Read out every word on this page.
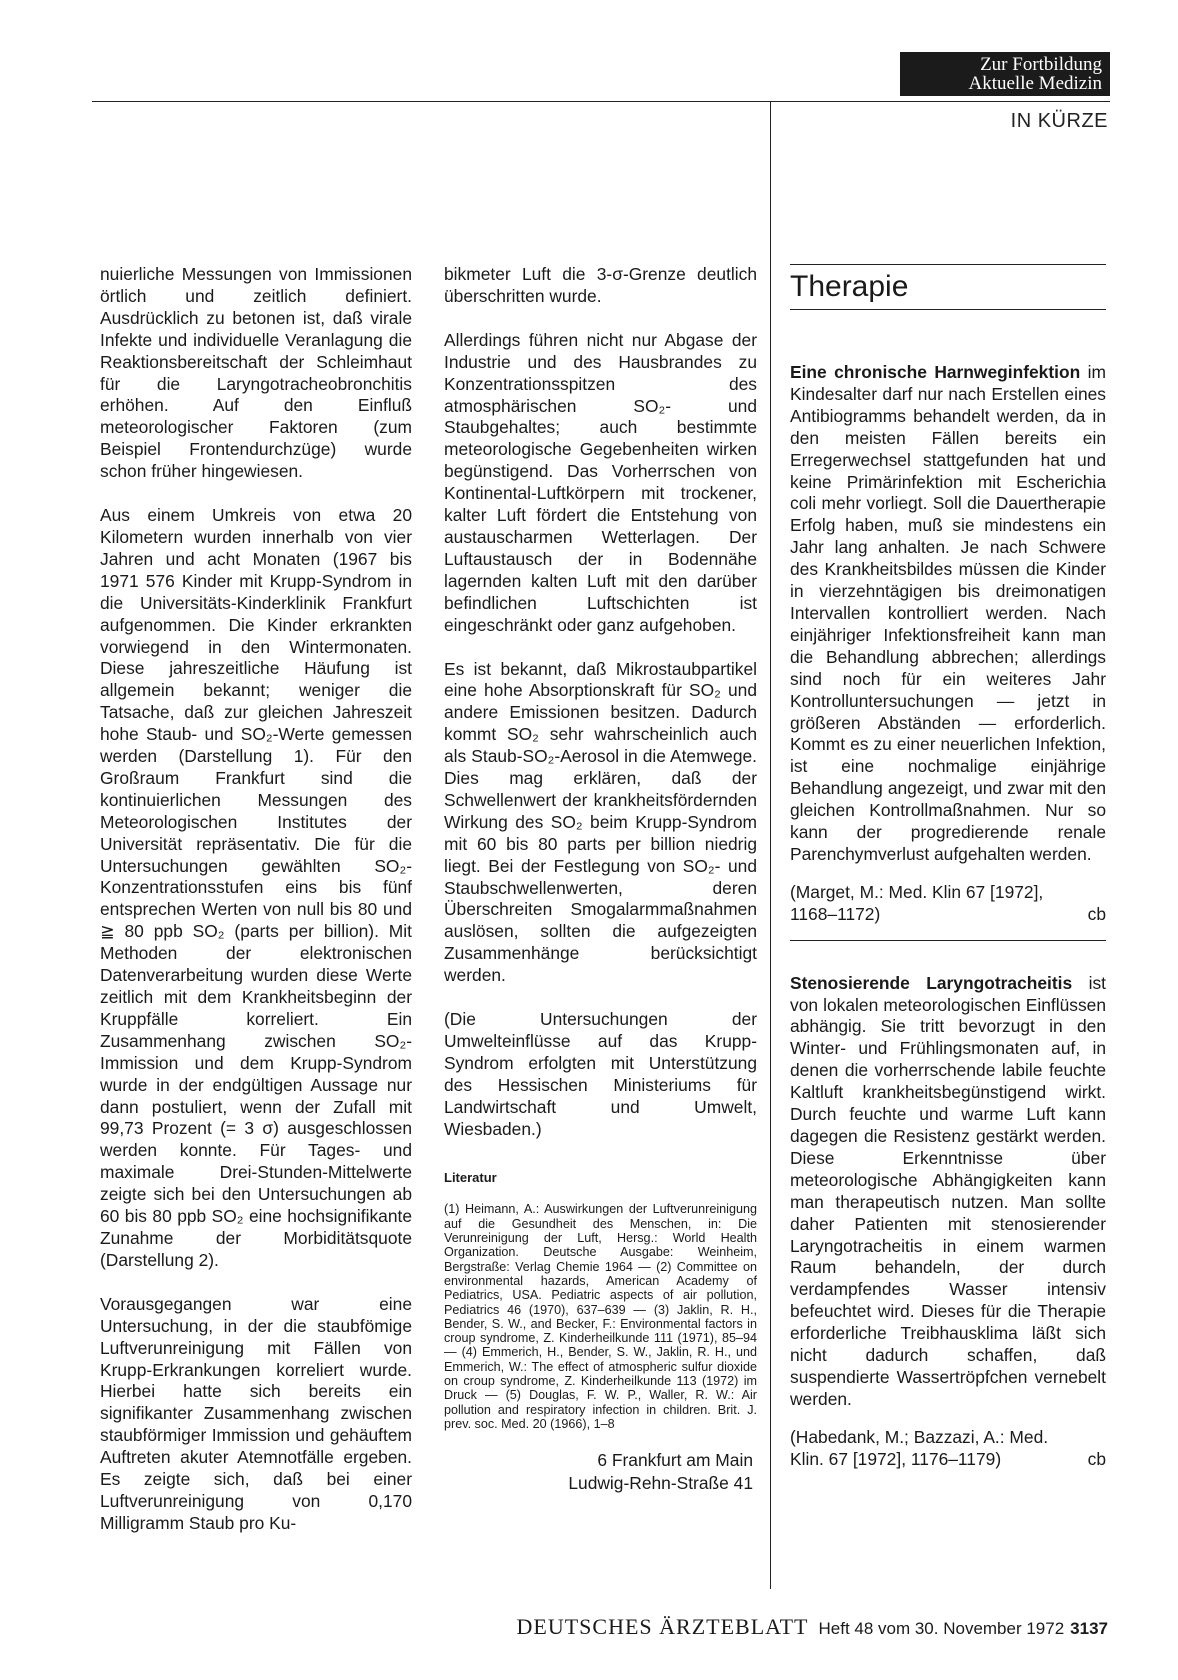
Zur Fortbildung
Aktuelle Medizin
IN KÜRZE

nuierliche Messungen von Immissionen örtlich und zeitlich definiert. Ausdrücklich zu betonen ist, daß virale Infekte und individuelle Veranlagung die Reaktionsbereitschaft der Schleimhaut für die Laryngotracheobronchitis erhöhen. Auf den Einfluß meteorologischer Faktoren (zum Beispiel Frontendurchzüge) wurde schon früher hingewiesen.

Aus einem Umkreis von etwa 20 Kilometern wurden innerhalb von vier Jahren und acht Monaten (1967 bis 1971 576 Kinder mit Krupp-Syndrom in die Universitäts-Kinderklinik Frankfurt aufgenommen. Die Kinder erkrankten vorwiegend in den Wintermonaten. Diese jahreszeitliche Häufung ist allgemein bekannt; weniger die Tatsache, daß zur gleichen Jahreszeit hohe Staub- und SO₂-Werte gemessen werden (Darstellung 1). Für den Großraum Frankfurt sind die kontinuierlichen Messungen des Meteorologischen Institutes der Universität repräsentativ. Die für die Untersuchungen gewählten SO₂-Konzentrationsstufen eins bis fünf entsprechen Werten von null bis 80 und ≧ 80 ppb SO₂ (parts per billion). Mit Methoden der elektronischen Datenverarbeitung wurden diese Werte zeitlich mit dem Krankheitsbeginn der Kruppfälle korreliert. Ein Zusammenhang zwischen SO₂-Immission und dem Krupp-Syndrom wurde in der endgültigen Aussage nur dann postuliert, wenn der Zufall mit 99,73 Prozent (= 3 σ) ausgeschlossen werden konnte. Für Tages- und maximale Drei-Stunden-Mittelwerte zeigte sich bei den Untersuchungen ab 60 bis 80 ppb SO₂ eine hochsignifikante Zunahme der Morbiditätsquote (Darstellung 2).

Vorausgegangen war eine Untersuchung, in der die staubfömige Luftverunreinigung mit Fällen von Krupp-Erkrankungen korreliert wurde. Hierbei hatte sich bereits ein signifikanter Zusammenhang zwischen staubförmiger Immission und gehäuftem Auftreten akuter Atemnotfälle ergeben. Es zeigte sich, daß bei einer Luftverunreinigung von 0,170 Milligramm Staub pro Ku-

bikmeter Luft die 3-σ-Grenze deutlich überschritten wurde.

Allerdings führen nicht nur Abgase der Industrie und des Hausbrandes zu Konzentrationsspitzen des atmosphärischen SO₂- und Staubgehaltes; auch bestimmte meteorologische Gegebenheiten wirken begünstigend. Das Vorherrschen von Kontinental-Luftkörpern mit trockener, kalter Luft fördert die Entstehung von austauscharmen Wetterlagen. Der Luftaustausch der in Bodennähe lagernden kalten Luft mit den darüber befindlichen Luftschichten ist eingeschränkt oder ganz aufgehoben.

Es ist bekannt, daß Mikrostaubpartikel eine hohe Absorptionskraft für SO₂ und andere Emissionen besitzen. Dadurch kommt SO₂ sehr wahrscheinlich auch als Staub-SO₂-Aerosol in die Atemwege. Dies mag erklären, daß der Schwellenwert der krankheitsfördernden Wirkung des SO₂ beim Krupp-Syndrom mit 60 bis 80 parts per billion niedrig liegt. Bei der Festlegung von SO₂- und Staubschwellenwerten, deren Überschreiten Smogalarmmaßnahmen auslösen, sollten die aufgezeigten Zusammenhänge berücksichtigt werden.

(Die Untersuchungen der Umwelteinflüsse auf das Krupp-Syndrom erfolgten mit Unterstützung des Hessischen Ministeriums für Landwirtschaft und Umwelt, Wiesbaden.)

Literatur
(1) Heimann, A.: Auswirkungen der Luftverunreinigung auf die Gesundheit des Menschen, in: Die Verunreinigung der Luft, Hersg.: World Health Organization. Deutsche Ausgabe: Weinheim, Bergstraße: Verlag Chemie 1964 — (2) Committee on environmental hazards, American Academy of Pediatrics, USA. Pediatric aspects of air pollution, Pediatrics 46 (1970), 637–639 — (3) Jaklin, R. H., Bender, S. W., and Becker, F.: Environmental factors in croup syndrome, Z. Kinderheilkunde 111 (1971), 85–94 — (4) Emmerich, H., Bender, S. W., Jaklin, R. H., und Emmerich, W.: The effect of atmospheric sulfur dioxide on croup syndrome, Z. Kinderheilkunde 113 (1972) im Druck — (5) Douglas, F. W. P., Waller, R. W.: Air pollution and respiratory infection in children. Brit. J. prev. soc. Med. 20 (1966), 1–8
6 Frankfurt am Main
Ludwig-Rehn-Straße 41
Therapie

Eine chronische Harnweginfektion im Kindesalter darf nur nach Erstellen eines Antibiogramms behandelt werden, da in den meisten Fällen bereits ein Erregerwechsel stattgefunden hat und keine Primärinfektion mit Escherichia coli mehr vorliegt. Soll die Dauertherapie Erfolg haben, muß sie mindestens ein Jahr lang anhalten. Je nach Schwere des Krankheitsbildes müssen die Kinder in vierzehntägigen bis dreimonatigen Intervallen kontrolliert werden. Nach einjähriger Infektionsfreiheit kann man die Behandlung abbrechen; allerdings sind noch für ein weiteres Jahr Kontrolluntersuchungen — jetzt in größeren Abständen — erforderlich. Kommt es zu einer neuerlichen Infektion, ist eine nochmalige einjährige Behandlung angezeigt, und zwar mit den gleichen Kontrollmaßnahmen. Nur so kann der progredierende renale Parenchymverlust aufgehalten werden.

(Marget, M.: Med. Klin 67 [1972],
1168–1172)	cb

Stenosierende Laryngotracheitis ist von lokalen meteorologischen Einflüssen abhängig. Sie tritt bevorzugt in den Winter- und Frühlingsmonaten auf, in denen die vorherrschende labile feuchte Kaltluft krankheitsbegünstigend wirkt. Durch feuchte und warme Luft kann dagegen die Resistenz gestärkt werden. Diese Erkenntnisse über meteorologische Abhängigkeiten kann man therapeutisch nutzen. Man sollte daher Patienten mit stenosierender Laryngotracheitis in einem warmen Raum behandeln, der durch verdampfendes Wasser intensiv befeuchtet wird. Dieses für die Therapie erforderliche Treibhausklima läßt sich nicht dadurch schaffen, daß suspendierte Wassertröpfchen vernebelt werden.

(Habedank, M.; Bazzazi, A.: Med.
Klin. 67 [1972], 1176–1179)	cb
DEUTSCHES ÄRZTEBLATT Heft 48 vom 30. November 1972 3137
